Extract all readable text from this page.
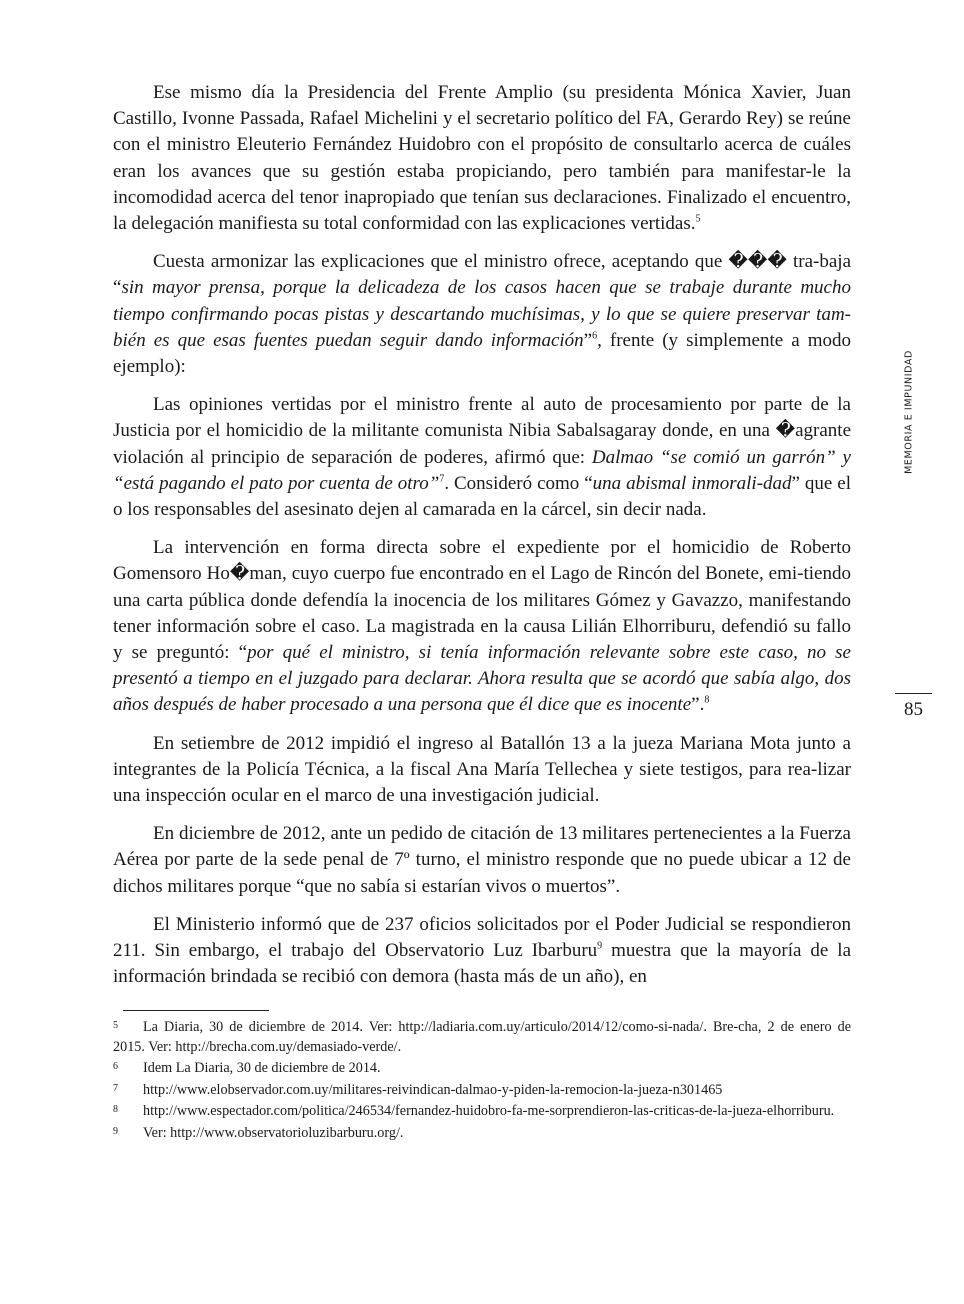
Ese mismo día la Presidencia del Frente Amplio (su presidenta Mónica Xavier, Juan Castillo, Ivonne Passada, Rafael Michelini y el secretario político del FA, Gerardo Rey) se reúne con el ministro Eleuterio Fernández Huidobro con el propósito de consultarlo acerca de cuáles eran los avances que su gestión estaba propiciando, pero también para manifestar-le la incomodidad acerca del tenor inapropiado que tenían sus declaraciones. Finalizado el encuentro, la delegación manifiesta su total conformidad con las explicaciones vertidas.$^5$

Cuesta armonizar las explicaciones que el ministro ofrece, aceptando que ��� tra-baja “sin mayor prensa, porque la delicadeza de los casos hacen que se trabaje durante mucho tiempo confirmando pocas pistas y descartando muchísimas, y lo que se quiere preservar tam-bién es que esas fuentes puedan seguir dando información”$^6$, frente (y simplemente a modo ejemplo):

Las opiniones vertidas por el ministro frente al auto de procesamiento por parte de la Justicia por el homicidio de la militante comunista Nibia Sabalsagaray donde, en una �agrante violación al principio de separación de poderes, afirmó que: Dalmao “se comió un garrón” y “está pagando el pato por cuenta de otro”$^7$. Consideró como “una abismal inmorali-dad” que el o los responsables del asesinato dejen al camarada en la cárcel, sin decir nada.

La intervención en forma directa sobre el expediente por el homicidio de Roberto Gomensoro Ho�man, cuyo cuerpo fue encontrado en el Lago de Rincón del Bonete, emi-tiendo una carta pública donde defendía la inocencia de los militares Gómez y Gavazzo, manifestando tener información sobre el caso. La magistrada en la causa Lilián Elhorriburu, defendió su fallo y se preguntó: “por qué el ministro, si tenía información relevante sobre este caso, no se presentó a tiempo en el juzgado para declarar. Ahora resulta que se acordó que sabía algo, dos años después de haber procesado a una persona que él dice que es inocente”.$^8$

En setiembre de 2012 impidió el ingreso al Batallón 13 a la jueza Mariana Mota junto a integrantes de la Policía Técnica, a la fiscal Ana María Tellechea y siete testigos, para rea-lizar una inspección ocular en el marco de una investigación judicial.

En diciembre de 2012, ante un pedido de citación de 13 militares pertenecientes a la Fuerza Aérea por parte de la sede penal de 7º turno, el ministro responde que no puede ubicar a 12 de dichos militares porque “que no sabía si estarían vivos o muertos”.

El Ministerio informó que de 237 oficios solicitados por el Poder Judicial se respondieron 211. Sin embargo, el trabajo del Observatorio Luz Ibarburu$^9$ muestra que la mayoría de la información brindada se recibió con demora (hasta más de un año), en

MEMORIA E IMPUNIDAD
85
5 La Diaria, 30 de diciembre de 2014. Ver: http://ladiaria.com.uy/articulo/2014/12/como-si-nada/. Bre-cha, 2 de enero de 2015. Ver: http://brecha.com.uy/demasiado-verde/.
6 Idem La Diaria, 30 de diciembre de 2014.
7 http://www.elobservador.com.uy/militares-reivindican-dalmao-y-piden-la-remocion-la-jueza-n301465
8 http://www.espectador.com/politica/246534/fernandez-huidobro-fa-me-sorprendieron-las-criticas-de-la-jueza-elhorriburu.
9 Ver: http://www.observatorioluzibarburu.org/.
